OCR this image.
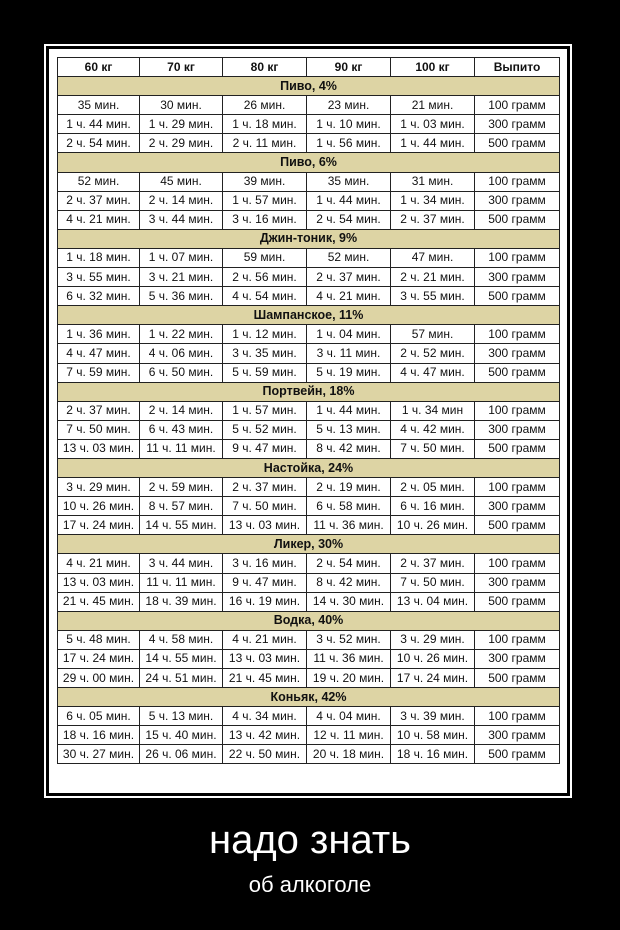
60 кг	70 кг	80 кг	90 кг	100 кг	Выпито
Пиво, 4%					
35 мин.	30 мин.	26 мин.	23 мин.	21 мин.	100 грамм
1 ч. 44 мин.	1 ч. 29 мин.	1 ч. 18 мин.	1 ч. 10 мин.	1 ч. 03 мин.	300 грамм
2 ч. 54 мин.	2 ч. 29 мин.	2 ч. 11 мин.	1 ч. 56 мин.	1 ч. 44 мин.	500 грамм
Пиво, 6%					
52 мин.	45 мин.	39 мин.	35 мин.	31 мин.	100 грамм
2 ч. 37 мин.	2 ч. 14 мин.	1 ч. 57 мин.	1 ч. 44 мин.	1 ч. 34 мин.	300 грамм
4 ч. 21 мин.	3 ч. 44 мин.	3 ч. 16 мин.	2 ч. 54 мин.	2 ч. 37 мин.	500 грамм
Джин-тоник, 9%					
1 ч. 18 мин.	1 ч. 07 мин.	59 мин.	52 мин.	47 мин.	100 грамм
3 ч. 55 мин.	3 ч. 21 мин.	2 ч. 56 мин.	2 ч. 37 мин.	2 ч. 21 мин.	300 грамм
6 ч. 32 мин.	5 ч. 36 мин.	4 ч. 54 мин.	4 ч. 21 мин.	3 ч. 55 мин.	500 грамм
Шампанское, 11%					
1 ч. 36 мин.	1 ч. 22 мин.	1 ч. 12 мин.	1 ч. 04 мин.	57 мин.	100 грамм
4 ч. 47 мин.	4 ч. 06 мин.	3 ч. 35 мин.	3 ч. 11 мин.	2 ч. 52 мин.	300 грамм
7 ч. 59 мин.	6 ч. 50 мин.	5 ч. 59 мин.	5 ч. 19 мин.	4 ч. 47 мин.	500 грамм
Портвейн, 18%					
2 ч. 37 мин.	2 ч. 14 мин.	1 ч. 57 мин.	1 ч. 44 мин.	1 ч. 34 мин	100 грамм
7 ч. 50 мин.	6 ч. 43 мин.	5 ч. 52 мин.	5 ч. 13 мин.	4 ч. 42 мин.	300 грамм
13 ч. 03 мин.	11 ч. 11 мин.	9 ч. 47 мин.	8 ч. 42 мин.	7 ч. 50 мин.	500 грамм
Настойка, 24%					
3 ч. 29 мин.	2 ч. 59 мин.	2 ч. 37 мин.	2 ч. 19 мин.	2 ч. 05 мин.	100 грамм
10 ч. 26 мин.	8 ч. 57 мин.	7 ч. 50 мин.	6 ч. 58 мин.	6 ч. 16 мин.	300 грамм
17 ч. 24 мин.	14 ч. 55 мин.	13 ч. 03 мин.	11 ч. 36 мин.	10 ч. 26 мин.	500 грамм
Ликер, 30%					
4 ч. 21 мин.	3 ч. 44 мин.	3 ч. 16 мин.	2 ч. 54 мин.	2 ч. 37 мин.	100 грамм
13 ч. 03 мин.	11 ч. 11 мин.	9 ч. 47 мин.	8 ч. 42 мин.	7 ч. 50 мин.	300 грамм
21 ч. 45 мин.	18 ч. 39 мин.	16 ч. 19 мин.	14 ч. 30 мин.	13 ч. 04 мин.	500 грамм
Водка, 40%					
5 ч. 48 мин.	4 ч. 58 мин.	4 ч. 21 мин.	3 ч. 52 мин.	3 ч. 29 мин.	100 грамм
17 ч. 24 мин.	14 ч. 55 мин.	13 ч. 03 мин.	11 ч. 36 мин.	10 ч. 26 мин.	300 грамм
29 ч. 00 мин.	24 ч. 51 мин.	21 ч. 45 мин.	19 ч. 20 мин.	17 ч. 24 мин.	500 грамм
Коньяк, 42%					
6 ч. 05 мин.	5 ч. 13 мин.	4 ч. 34 мин.	4 ч. 04 мин.	3 ч. 39 мин.	100 грамм
18 ч. 16 мин.	15 ч. 40 мин.	13 ч. 42 мин.	12 ч. 11 мин.	10 ч. 58 мин.	300 грамм
30 ч. 27 мин.	26 ч. 06 мин.	22 ч. 50 мин.	20 ч. 18 мин.	18 ч. 16 мин.	500 грамм
надо знать
об алкоголе
